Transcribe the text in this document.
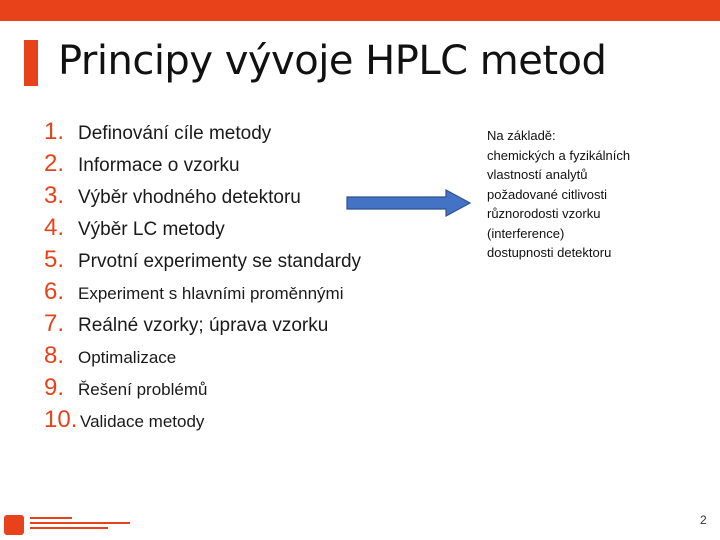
Principy vývoje HPLC metod
1. Definování cíle metody
2. Informace o vzorku
3. Výběr vhodného detektoru
4. Výběr LC metody
5. Prvotní experimenty se standardy
6. Experiment s hlavními proměnnými
7. Reálné vzorky; úprava vzorku
8. Optimalizace
9. Řešení problémů
10. Validace metody
Na základě:
chemických a fyzikálních
vlastností analytů
požadované citlivosti
různorodosti vzorku
(interference)
dostupnosti detektoru
2
